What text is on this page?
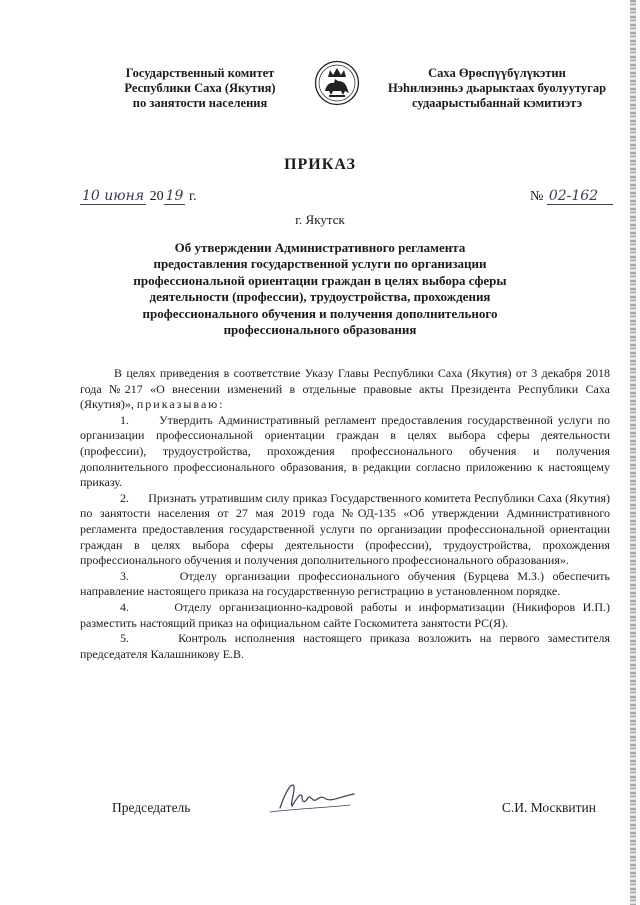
Государственный комитет
Республики Саха (Якутия)
по занятости населения
Саха Өрөспүүбүлүкэтин
Нэһилиэнньэ дьарыктаах буолуутугар
судаарыстыбаннай кэмитиэтэ
ПРИКАЗ
10 июня 20 19 г.	№ 02-162
г. Якутск
Об утверждении Административного регламента
предоставления государственной услуги по организации
профессиональной ориентации граждан в целях выбора сферы
деятельности (профессии), трудоустройства, прохождения
профессионального обучения и получения дополнительного
профессионального образования

В целях приведения в соответствие Указу Главы Республики Саха (Якутия) от 3 декабря 2018 года №217 «О внесении изменений в отдельные правовые акты Президента Республики Саха (Якутия)», приказываю:

1.	Утвердить Административный регламент предоставления государственной услуги по организации профессиональной ориентации граждан в целях выбора сферы деятельности (профессии), трудоустройства, прохождения профессионального обучения и получения дополнительного профессионального образования, в редакции согласно приложению к настоящему приказу.

2. Признать утратившим силу приказ Государственного комитета Республики Саха (Якутия) по занятости населения от 27 мая 2019 года №ОД-135 «Об утверждении Административного регламента предоставления государственной услуги по организации профессиональной ориентации граждан в целях выбора сферы деятельности (профессии), трудоустройства, прохождения профессионального обучения и получения дополнительного профессионального образования».

3.	Отделу организации профессионального обучения (Бурцева М.З.) обеспечить направление настоящего приказа на государственную регистрацию в установленном порядке.

4.	Отделу организационно-кадровой работы и информатизации (Никифоров И.П.) разместить настоящий приказ на официальном сайте Госкомитета занятости РС(Я).

5.	Контроль исполнения настоящего приказа возложить на первого заместителя председателя Калашникову Е.В.

Председатель	С.И. Москвитин
